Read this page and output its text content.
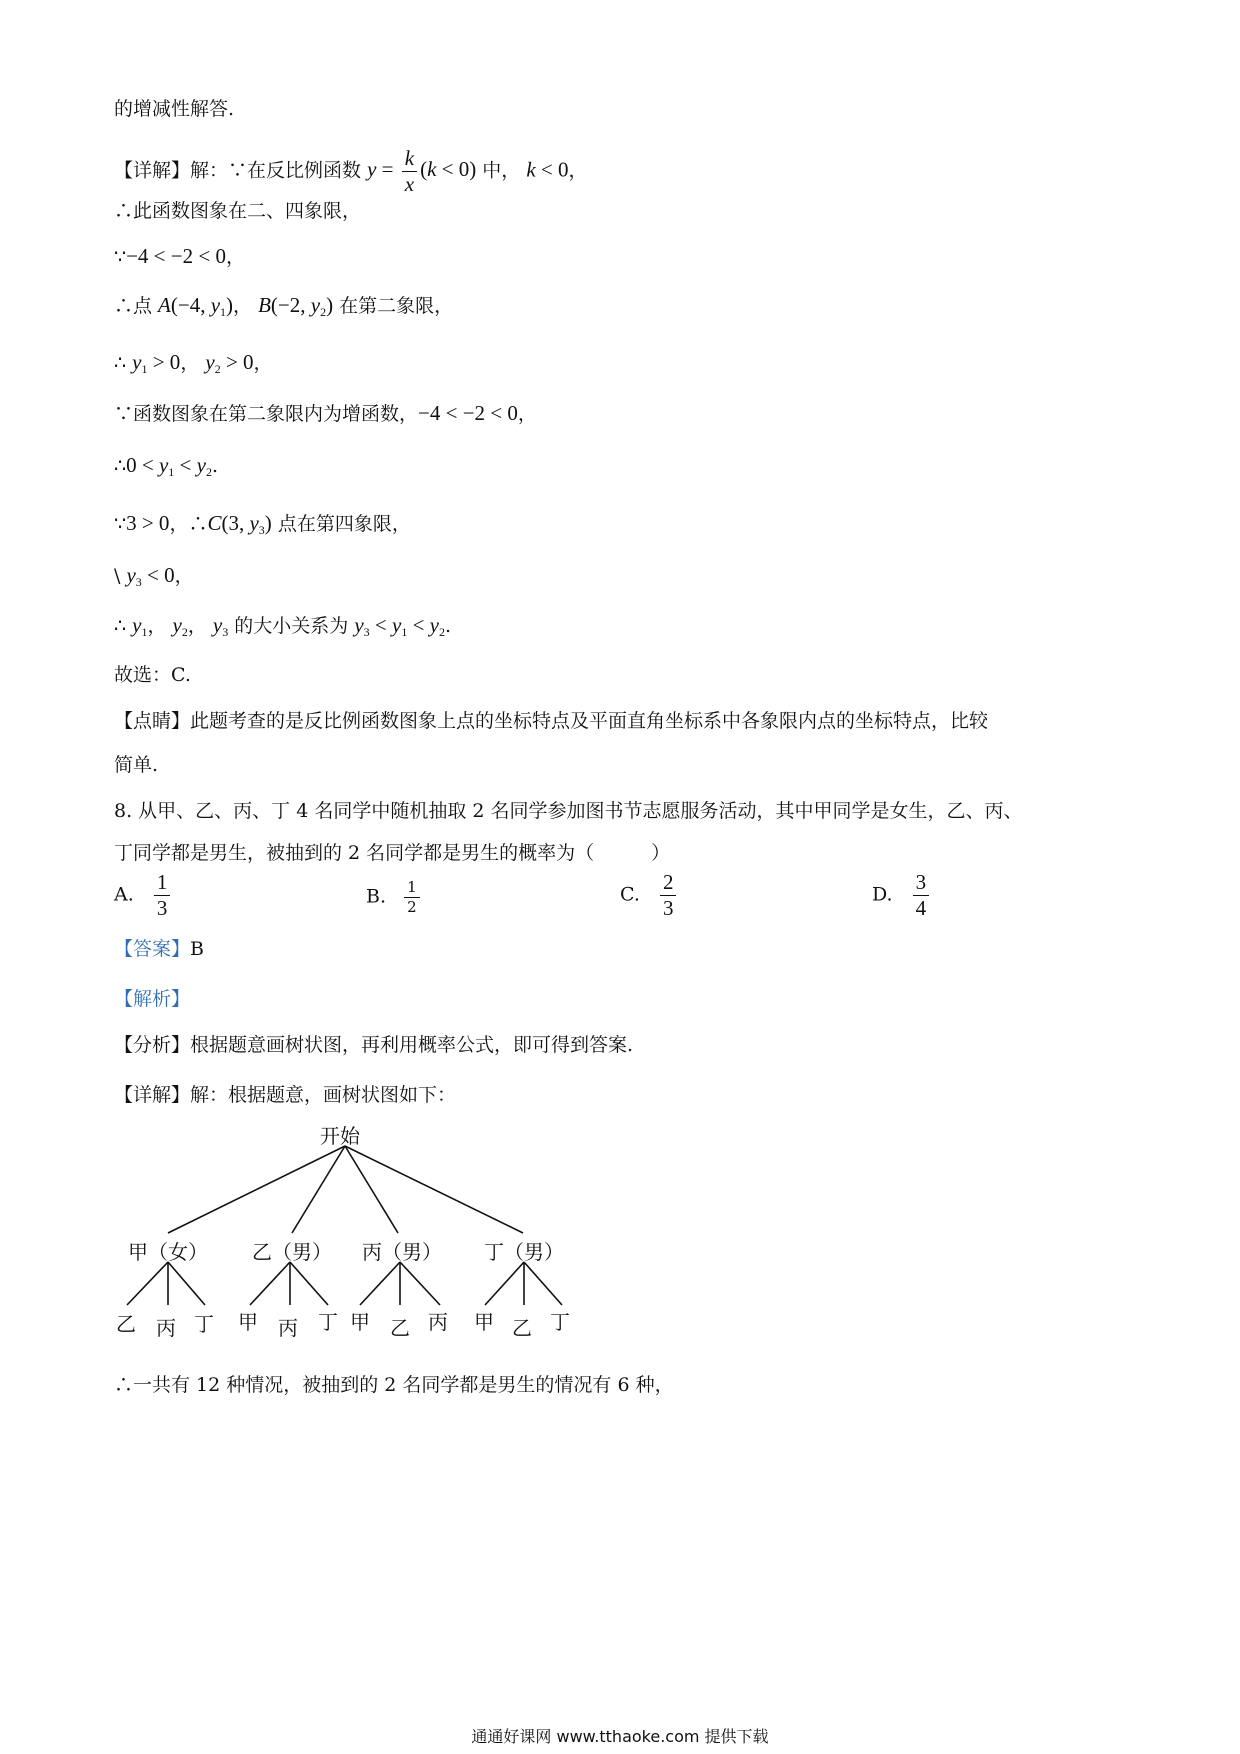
的增减性解答.
【详解】解：∵在反比例函数 $y = \frac{k}{x} (k < 0)$ 中， k < 0，
∴此函数图象在二、四象限，
∵−4 < −2 < 0，
∴点 A(−4, $y_1$)， B(−2, $y_2$) 在第二象限，
∴ $y_1 > 0$， $y_2 > 0$，
∵函数图象在第二象限内为增函数，−4 < −2 < 0，
∴0 < $y_1 < y_2$.
∵3 > 0，∴C(3, $y_3$) 点在第四象限，
\ $y_3 < 0$，
∴ $y_1$， $y_2$， $y_3$ 的大小关系为 $y_3 < y_1 < y_2$.
故选：C.
【点睛】此题考查的是反比例函数图象上点的坐标特点及平面直角坐标系中各象限内点的坐标特点，比较
简单.
8. 从甲、乙、丙、丁 4 名同学中随机抽取 2 名同学参加图书节志愿服务活动，其中甲同学是女生，乙、丙、
丁同学都是男生，被抽到的 2 名同学都是男生的概率为（　　　）
A. $\frac{1}{3}$	B. $\frac{1}{2}$	C. $\frac{2}{3}$	D. $\frac{3}{4}$
【答案】B
【解析】
【分析】根据题意画树状图，再利用概率公式，即可得到答案.
【详解】解：根据题意，画树状图如下：
开始
甲（女） 乙（男） 丙（男） 丁（男）
乙 丙 丁 甲 丙 丁 甲 乙 丙 甲 乙 丁
∴一共有 12 种情况，被抽到的 2 名同学都是男生的情况有 6 种，
通通好课网 www.tthaoke.com 提供下载
